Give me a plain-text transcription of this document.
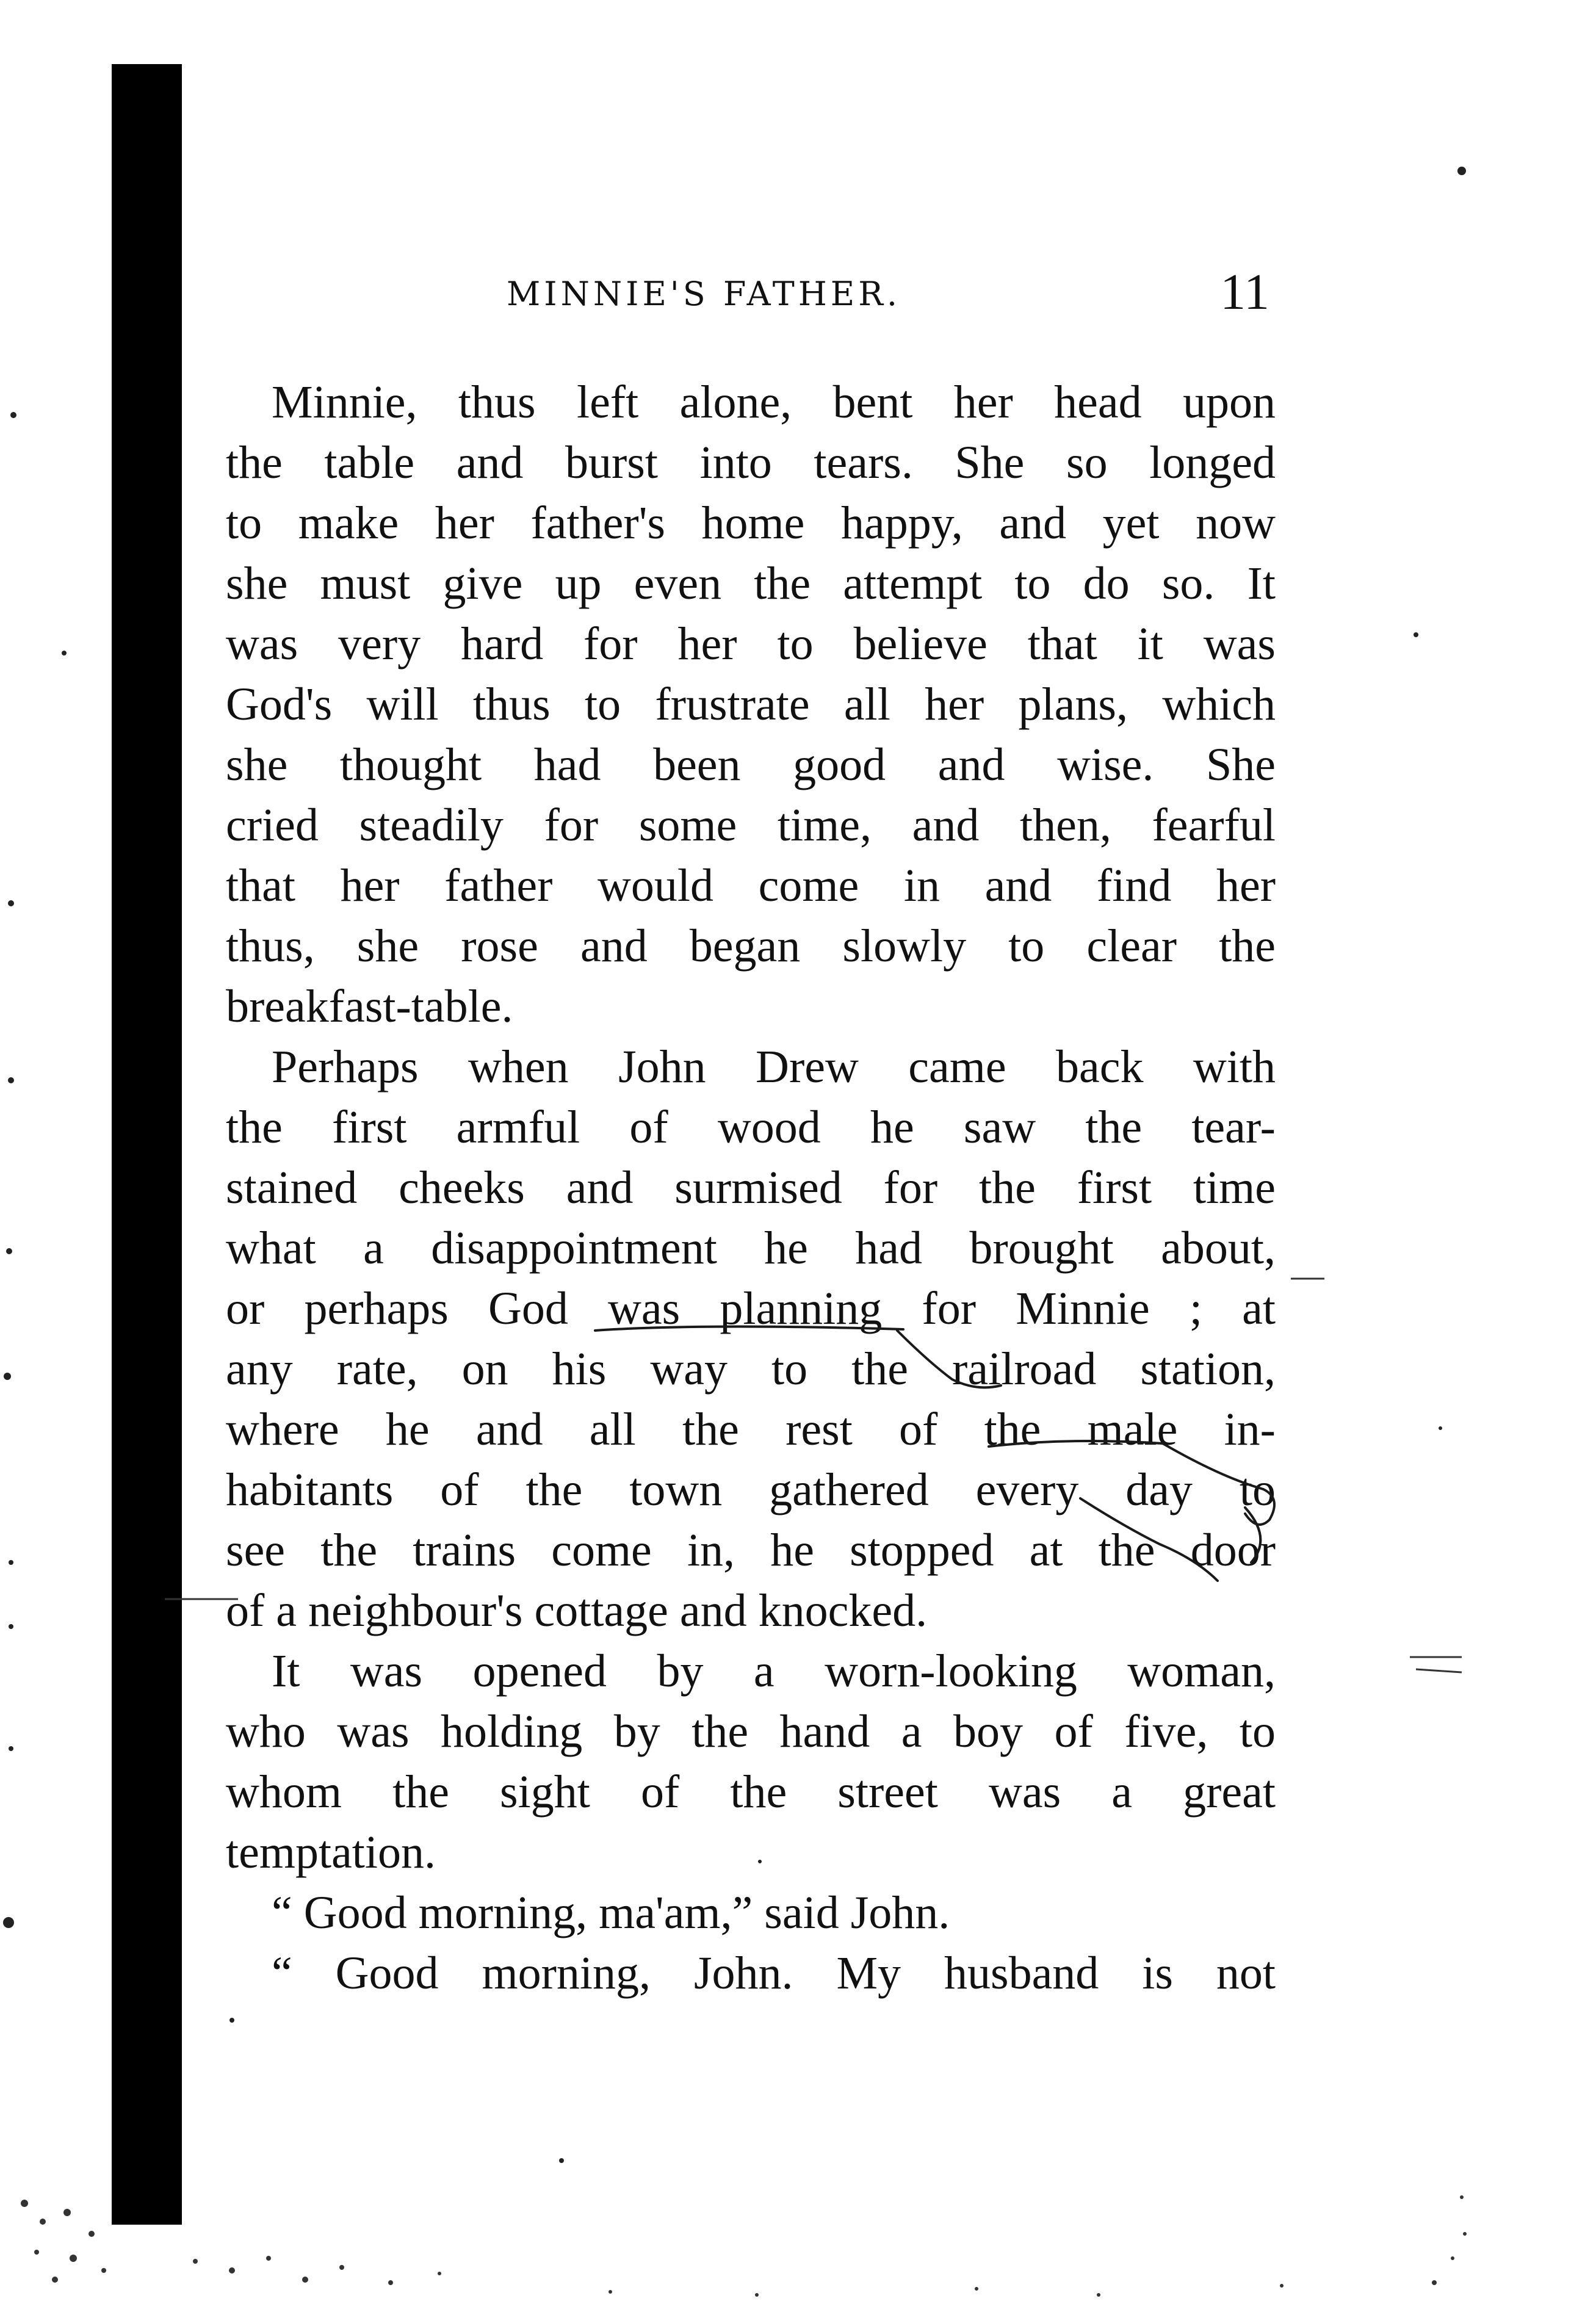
MINNIE'S FATHER.	11

Minnie, thus left alone, bent her head upon
the table and burst into tears. She so longed
to make her father's home happy, and yet now
she must give up even the attempt to do so. It
was very hard for her to believe that it was
God's will thus to frustrate all her plans, which
she thought had been good and wise. She
cried steadily for some time, and then, fearful
that her father would come in and find her
thus, she rose and began slowly to clear the
breakfast-table.

Perhaps when John Drew came back with
the first armful of wood he saw the tear-
stained cheeks and surmised for the first time
what a disappointment he had brought about,
or perhaps God was planning for Minnie ; at
any rate, on his way to the railroad station,
where he and all the rest of the male in-
habitants of the town gathered every day to
see the trains come in, he stopped at the door
of a neighbour's cottage and knocked.

It was opened by a worn-looking woman,
who was holding by the hand a boy of five, to
whom the sight of the street was a great
temptation.

“ Good morning, ma'am,” said John.

“ Good morning, John. My husband is not
